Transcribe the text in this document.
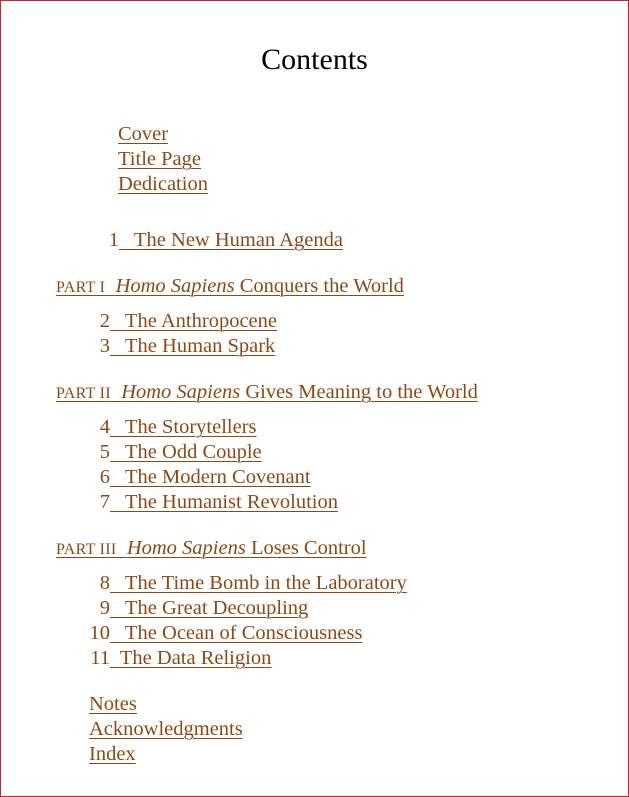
Contents
Cover
Title Page
Dedication
1 The New Human Agenda
PART I Homo Sapiens Conquers the World
2 The Anthropocene
3 The Human Spark
PART II Homo Sapiens Gives Meaning to the World
4 The Storytellers
5 The Odd Couple
6 The Modern Covenant
7 The Humanist Revolution
PART III Homo Sapiens Loses Control
8 The Time Bomb in the Laboratory
9 The Great Decoupling
10 The Ocean of Consciousness
11 The Data Religion
Notes
Acknowledgments
Index
